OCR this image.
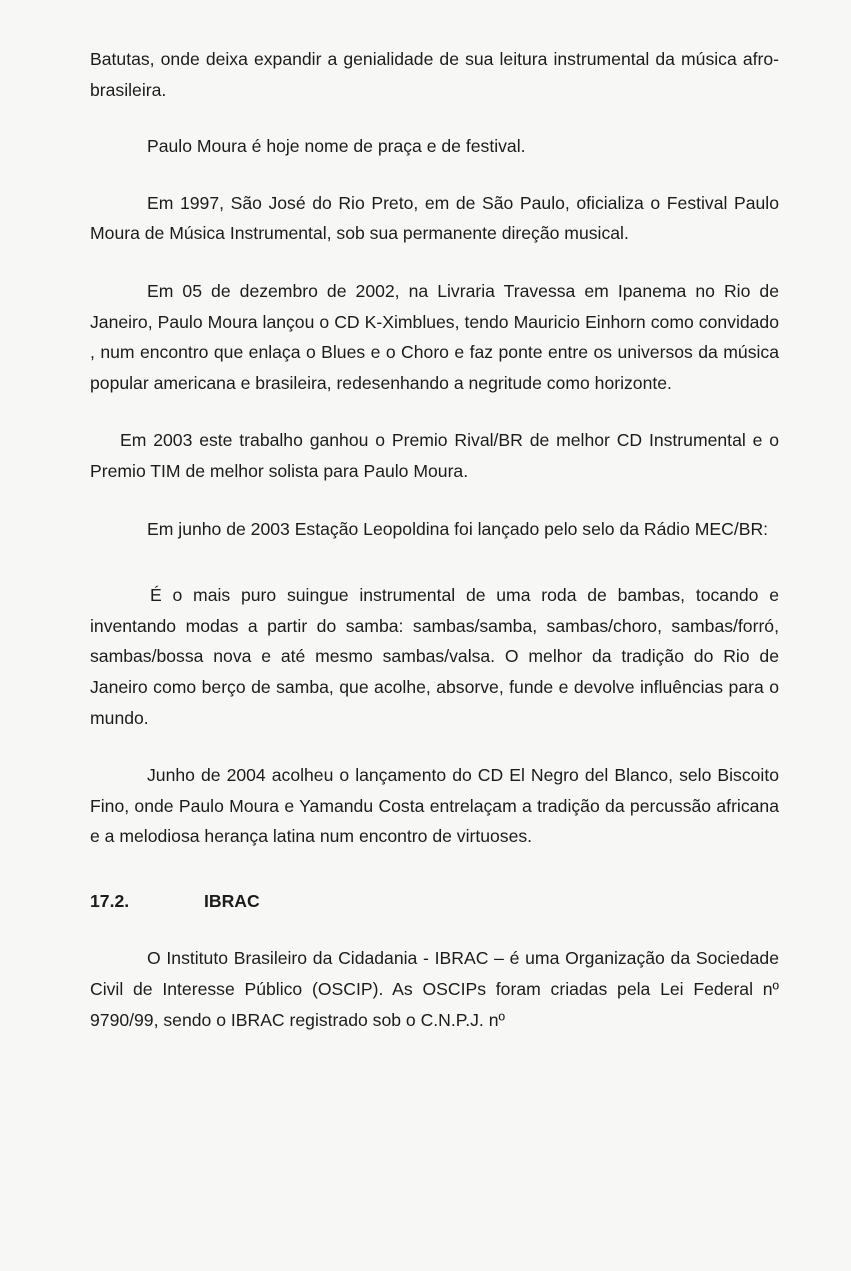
Batutas, onde deixa expandir a genialidade de sua leitura instrumental da música afro-brasileira.

Paulo Moura é hoje nome de praça e de festival.

Em 1997, São José do Rio Preto, em de São Paulo, oficializa o Festival Paulo Moura de Música Instrumental, sob sua permanente direção musical.

Em 05 de dezembro de 2002, na Livraria Travessa em Ipanema no Rio de Janeiro, Paulo Moura lançou o CD K-Ximblues, tendo Mauricio Einhorn como convidado , num encontro que enlaça o Blues e o Choro e faz ponte entre os universos da música popular americana e brasileira, redesenhando a negritude como horizonte.

Em 2003 este trabalho ganhou o Premio Rival/BR de melhor CD Instrumental e o Premio TIM de melhor solista para Paulo Moura.

Em junho de 2003 Estação Leopoldina foi lançado pelo selo da Rádio MEC/BR:

É o mais puro suingue instrumental de uma roda de bambas, tocando e inventando modas a partir do samba: sambas/samba, sambas/choro, sambas/forró, sambas/bossa nova e até mesmo sambas/valsa. O melhor da tradição do Rio de Janeiro como berço de samba, que acolhe, absorve, funde e devolve influências para o mundo.

Junho de 2004 acolheu o lançamento do CD El Negro del Blanco, selo Biscoito Fino, onde Paulo Moura e Yamandu Costa entrelaçam a tradição da percussão africana e a melodiosa herança latina num encontro de virtuoses.

17.2.	IBRAC

O Instituto Brasileiro da Cidadania - IBRAC – é uma Organização da Sociedade Civil de Interesse Público (OSCIP). As OSCIPs foram criadas pela Lei Federal nº 9790/99, sendo o IBRAC registrado sob o C.N.P.J. nº
